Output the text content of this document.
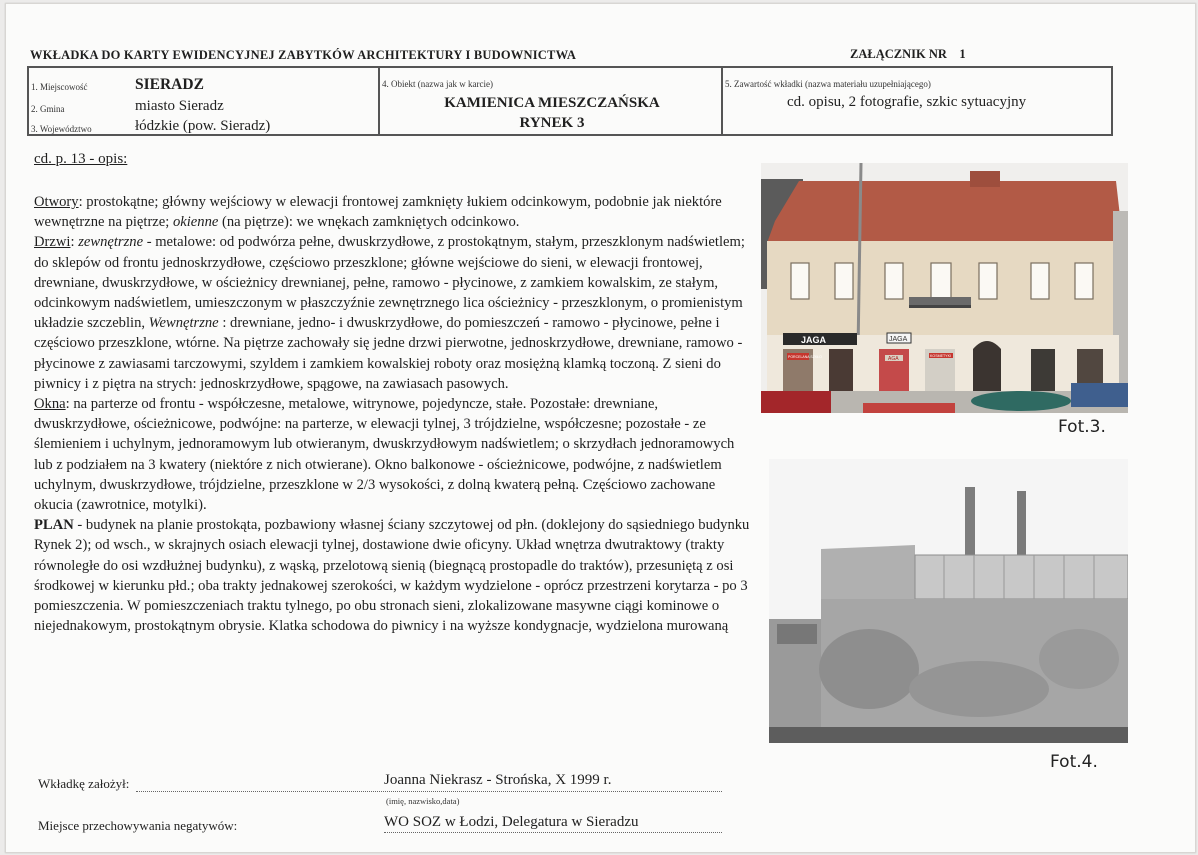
WKŁADKA DO KARTY EWIDENCYJNEJ ZABYTKÓW ARCHITEKTURY I BUDOWNICTWA	ZAŁĄCZNIK NR    1
1. Miejscowość	SIERADZ
2. Gmina	miasto Sieradz
3. Województwo	łódzkie (pow. Sieradz)
4. Obiekt (nazwa jak w karcie)
KAMIENICA MIESZCZAŃSKA
RYNEK 3
5. Zawartość wkładki (nazwa materiału uzupełniającego)
cd. opisu, 2 fotografie, szkic sytuacyjny
cd. p. 13 - opis:

Otwory: prostokątne; główny wejściowy w elewacji frontowej zamknięty łukiem odcinkowym, podobnie jak niektóre wewnętrzne na piętrze; okienne (na piętrze): we wnękach zamkniętych odcinkowo.

Drzwi: zewnętrzne - metalowe: od podwórza pełne, dwuskrzydłowe, z prostokątnym, stałym, przeszklonym nadświetlem; do sklepów od frontu jednoskrzydłowe, częściowo przeszklone; główne wejściowe do sieni, w elewacji frontowej, drewniane, dwuskrzydłowe, w ościeżnicy drewnianej, pełne, ramowo - płycinowe, z zamkiem kowalskim, ze stałym, odcinkowym nadświetlem, umieszczonym w płaszczyźnie zewnętrznego lica ościeżnicy - przeszklonym, o promienistym układzie szczeblin, Wewnętrzne : drewniane, jedno- i dwuskrzydłowe, do pomieszczeń - ramowo - płycinowe, pełne i częściowo przeszklone, wtórne. Na piętrze zachowały się jedne drzwi pierwotne, jednoskrzydłowe, drewniane, ramowo - płycinowe z zawiasami tarczowymi, szyldem i zamkiem kowalskiej roboty oraz mosiężną klamką toczoną. Z sieni do piwnicy i z piętra na strych: jednoskrzydłowe, spągowe, na zawiasach pasowych.

Okna: na parterze od frontu - współczesne, metalowe, witrynowe, pojedyncze, stałe. Pozostałe: drewniane, dwuskrzydłowe, ościeżnicowe, podwójne: na parterze, w elewacji tylnej, 3 trójdzielne, współczesne; pozostałe - ze ślemieniem i uchylnym, jednoramowym lub otwieranym, dwuskrzydłowym nadświetlem; o skrzydłach jednoramowych lub z podziałem na 3 kwatery (niektóre z nich otwierane). Okno balkonowe - ościeżnicowe, podwójne, z nadświetlem uchylnym, dwuskrzydłowe, trójdzielne, przeszklone w 2/3 wysokości, z dolną kwaterą pełną. Częściowo zachowane okucia (zawrotnice, motylki).

PLAN - budynek na planie prostokąta, pozbawiony własnej ściany szczytowej od płn. (doklejony do sąsiedniego budynku Rynek 2); od wsch., w skrajnych osiach elewacji tylnej, dostawione dwie oficyny. Układ wnętrza dwutraktowy (trakty równoległe do osi wzdłużnej budynku), z wąską, przelotową sienią (biegnącą prostopadle do traktów), przesuniętą z osi środkowej w kierunku płd.; oba trakty jednakowej szerokości, w każdym wydzielone - oprócz przestrzeni korytarza - po 3 pomieszczenia. W pomieszczeniach traktu tylnego, po obu stronach sieni, zlokalizowane masywne ciągi kominowe o niejednakowym, prostokątnym obrysie. Klatka schodowa do piwnicy i na wyższe kondygnacje, wydzielona murowaną

JAGA	JAGA
PORCELANA SZKŁO	AGA	KOSMETYKI
Fot.3.
Fot.4.
Wkładkę założył:	Joanna Niekrasz - Strońska, X 1999 r.
(imię, nazwisko,data)
Miejsce przechowywania negatywów:	WO SOZ w Łodzi, Delegatura w Sieradzu
